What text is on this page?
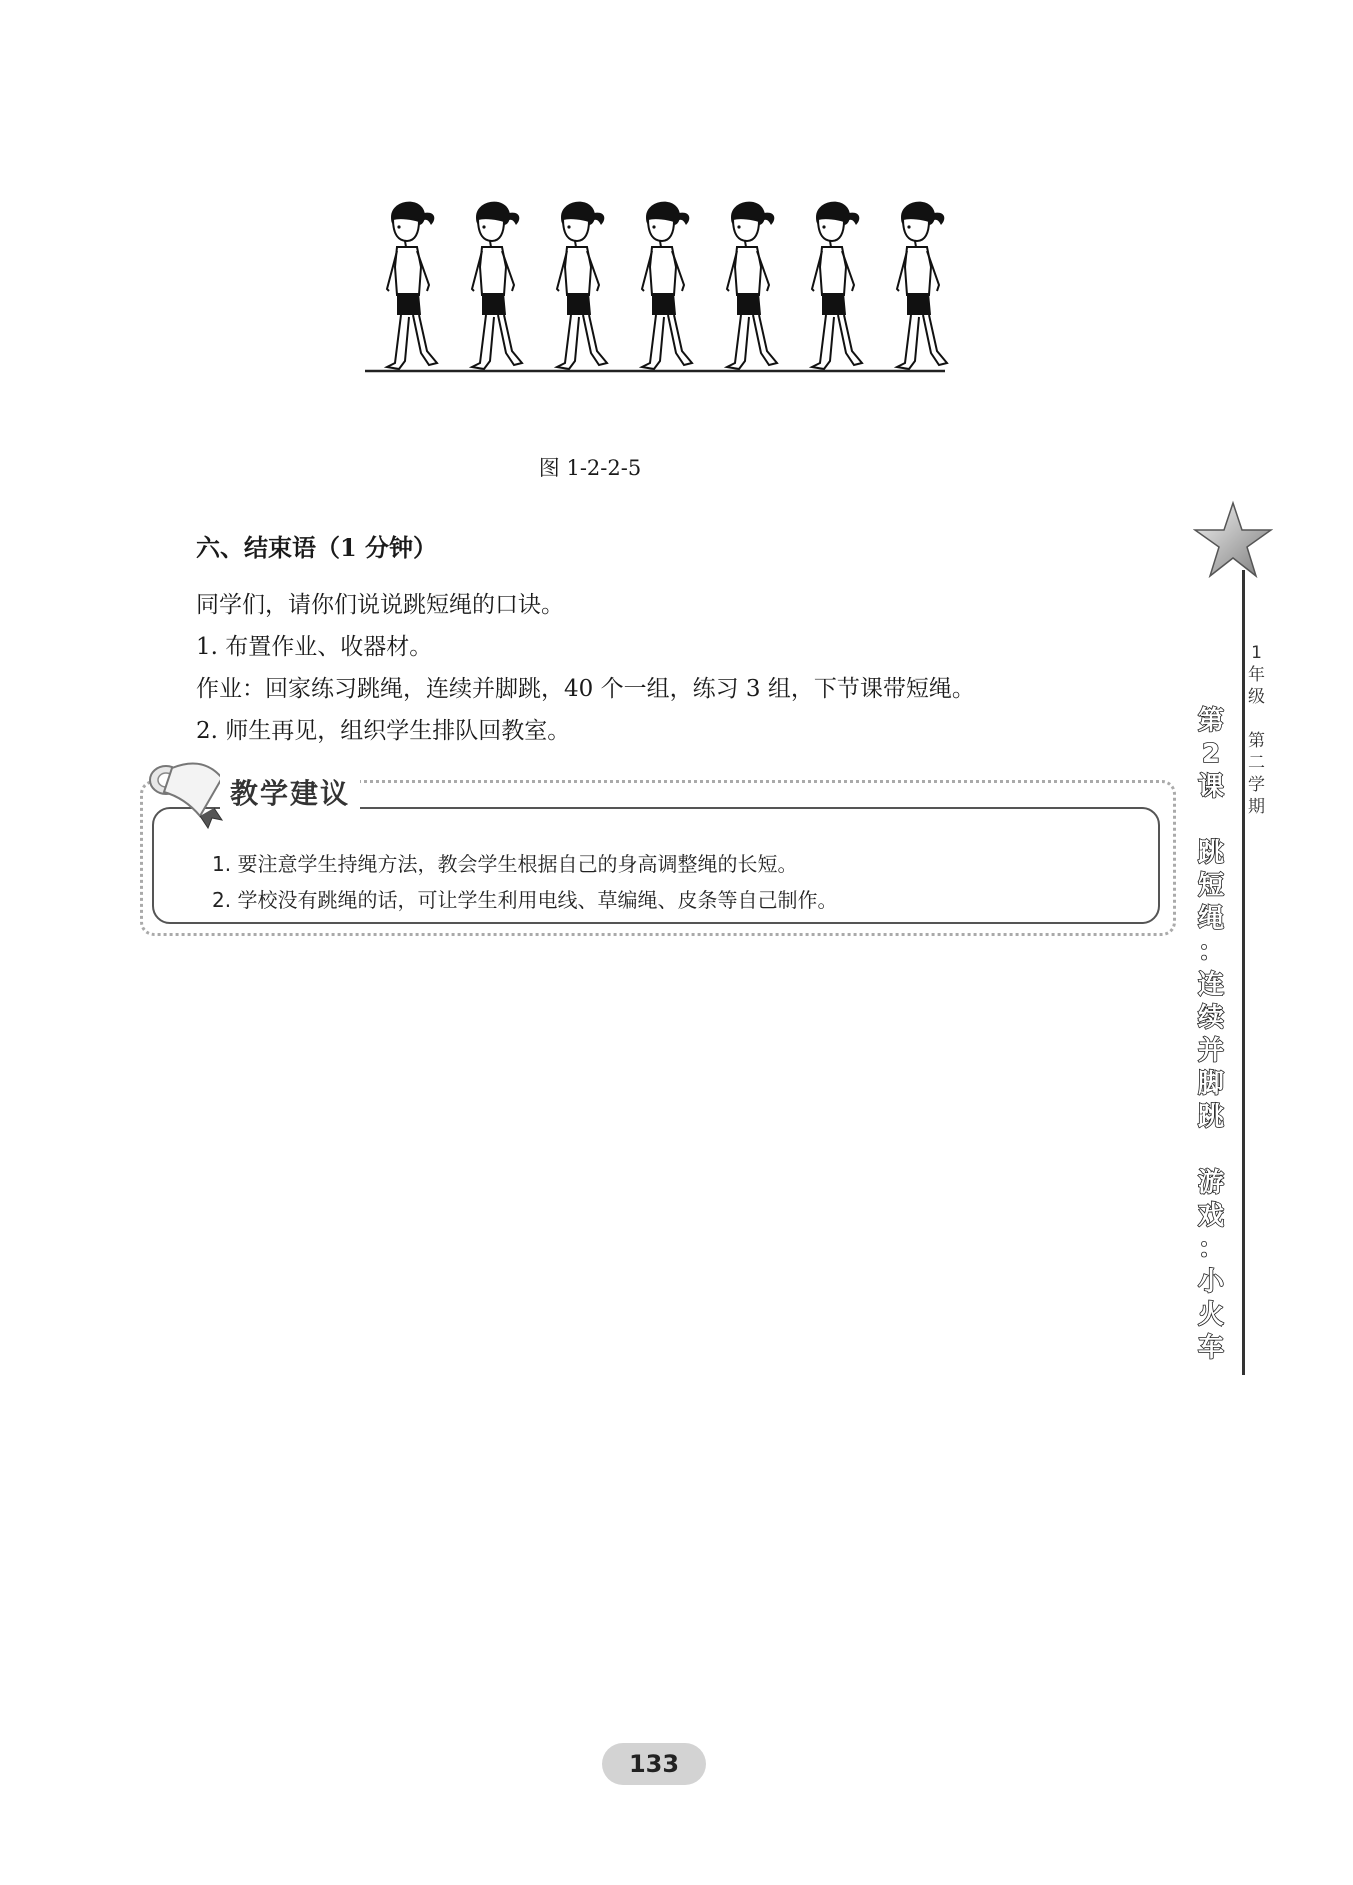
图 1-2-2-5
六、结束语（1 分钟）
同学们，请你们说说跳短绳的口诀。
1. 布置作业、收器材。
作业：回家练习跳绳，连续并脚跳，40 个一组，练习 3 组，下节课带短绳。
2. 师生再见，组织学生排队回教室。
教学建议
1. 要注意学生持绳方法，教会学生根据自己的身高调整绳的长短。
2. 学校没有跳绳的话，可让学生利用电线、草编绳、皮条等自己制作。
1
年
级

第
二
学
期
第
2
课

跳
短
绳
：
连
续
并
脚
跳

游
戏
：
小
火
车
133
